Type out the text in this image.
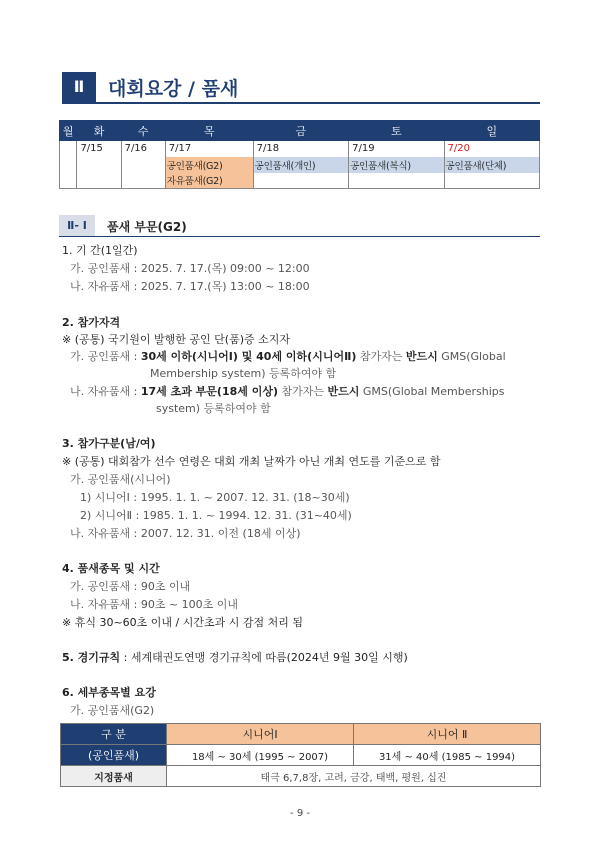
Ⅱ	대회요강 / 품새
월	화	수	목	금	토	일
	7/15	7/16	7/17	7/18	7/19	7/20
			공인품새(G2)	공인품새(개인)	공인품새(복식)	공인품새(단체)
			자유품새(G2)			
Ⅱ- Ⅰ	품새 부문(G2)
1. 기 간(1일간)
가. 공인품새 : 2025. 7. 17.(목) 09:00 ~ 12:00
나. 자유품새 : 2025. 7. 17.(목) 13:00 ~ 18:00
2. 참가자격
※ (공통) 국기원이 발행한 공인 단(품)증 소지자
가. 공인품새 : 30세 이하(시니어Ⅰ) 및 40세 이하(시니어Ⅱ) 참가자는 반드시 GMS(Global
Membership system) 등록하여야 함
나. 자유품새 : 17세 초과 부문(18세 이상) 참가자는 반드시 GMS(Global Memberships
system) 등록하여야 함
3. 참가구분(남/여)
※ (공통) 대회참가 선수 연령은 대회 개최 날짜가 아닌 개최 연도를 기준으로 함
가. 공인품새(시니어)
1) 시니어Ⅰ : 1995. 1. 1. ~ 2007. 12. 31. (18~30세)
2) 시니어Ⅱ : 1985. 1. 1. ~ 1994. 12. 31. (31~40세)
나. 자유품새 : 2007. 12. 31. 이전 (18세 이상)
4. 품새종목 및 시간
가. 공인품새 : 90초 이내
나. 자유품새 : 90초 ~ 100초 이내
※ 휴식 30~60초 이내 / 시간초과 시 감점 처리 됨
5. 경기규칙 : 세계태권도연맹 경기규칙에 따름(2024년 9월 30일 시행)
6. 세부종목별 요강
가. 공인품새(G2)
구 분	시니어Ⅰ	시니어 Ⅱ
(공인품새)	18세 ~ 30세 (1995 ~ 2007)	31세 ~ 40세 (1985 ~ 1994)
지정품새	태극 6,7,8장, 고려, 금강, 태백, 평원, 십진	
- 9 -
